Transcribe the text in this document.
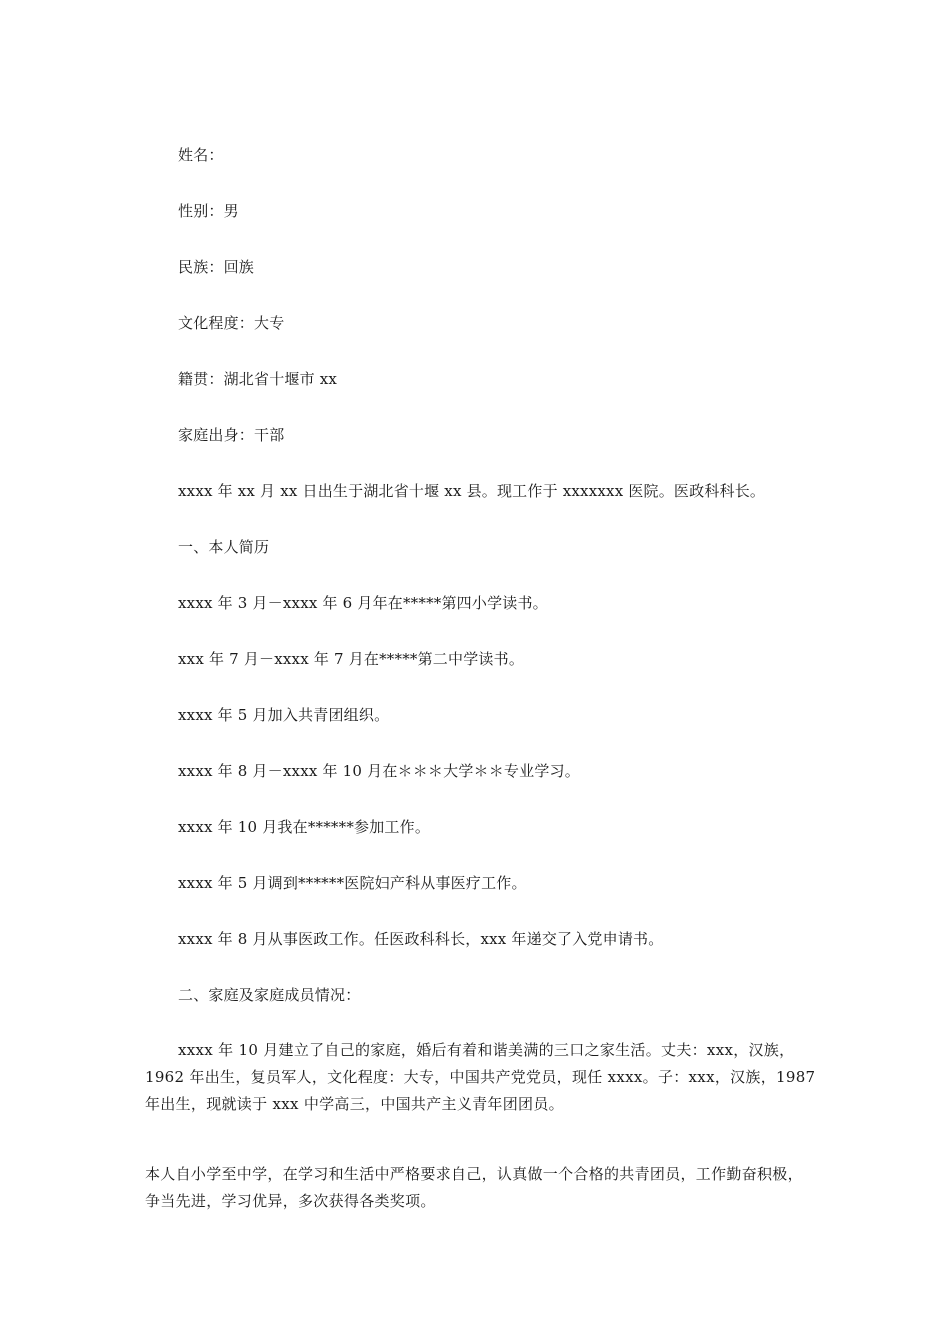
姓名：
性别：男
民族：回族
文化程度：大专
籍贯：湖北省十堰市 xx
家庭出身：干部
xxxx 年 xx 月 xx 日出生于湖北省十堰 xx 县。现工作于 xxxxxxx 医院。医政科科长。
一、本人简历
xxxx 年 3 月－xxxx 年 6 月年在*****第四小学读书。
xxx 年 7 月－xxxx 年 7 月在*****第二中学读书。
xxxx 年 5 月加入共青团组织。
xxxx 年 8 月－xxxx 年 10 月在＊＊＊大学＊＊专业学习。
xxxx 年 10 月我在******参加工作。
xxxx 年 5 月调到******医院妇产科从事医疗工作。
xxxx 年 8 月从事医政工作。任医政科科长，xxx 年递交了入党申请书。
二、家庭及家庭成员情况：
xxxx 年 10 月建立了自己的家庭，婚后有着和谐美满的三口之家生活。丈夫：xxx，汉族，1962 年出生，复员军人，文化程度：大专，中国共产党党员，现任 xxxx。子：xxx，汉族，1987 年出生，现就读于 xxx 中学高三，中国共产主义青年团团员。
本人自小学至中学，在学习和生活中严格要求自己，认真做一个合格的共青团员，工作勤奋积极，争当先进，学习优异，多次获得各类奖项。
